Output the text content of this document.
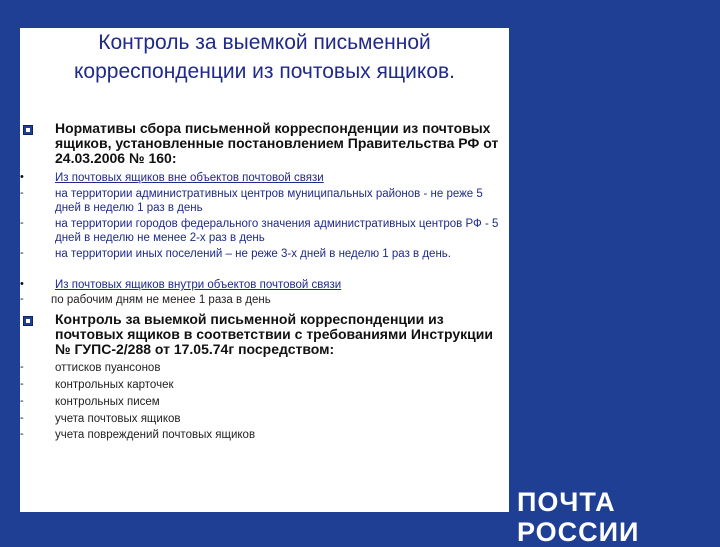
Контроль за выемкой письменной
корреспонденции из почтовых ящиков.
Нормативы сбора письменной корреспонденции из почтовых ящиков, установленные постановлением Правительства РФ от 24.03.2006 № 160:
•	Из почтовых ящиков вне объектов почтовой связи
-	на территории административных центров муниципальных районов - не реже 5 дней в неделю 1 раз в день
-	на территории городов федерального значения административных центров РФ - 5 дней в неделю не менее 2-х раз в день
-	на территории иных поселений – не реже 3-х дней в неделю 1 раз в день.
•	Из почтовых ящиков внутри объектов почтовой связи
- по рабочим дням не менее 1 раза в день
Контроль за выемкой письменной корреспонденции из почтовых ящиков в соответствии с требованиями Инструкции № ГУПС-2/288 от 17.05.74г посредством:
-	оттисков пуансонов
-	контрольных карточек
-	контрольных писем
-	учета почтовых ящиков
-	учета повреждений почтовых ящиков
ПОЧТА РОССИИ
